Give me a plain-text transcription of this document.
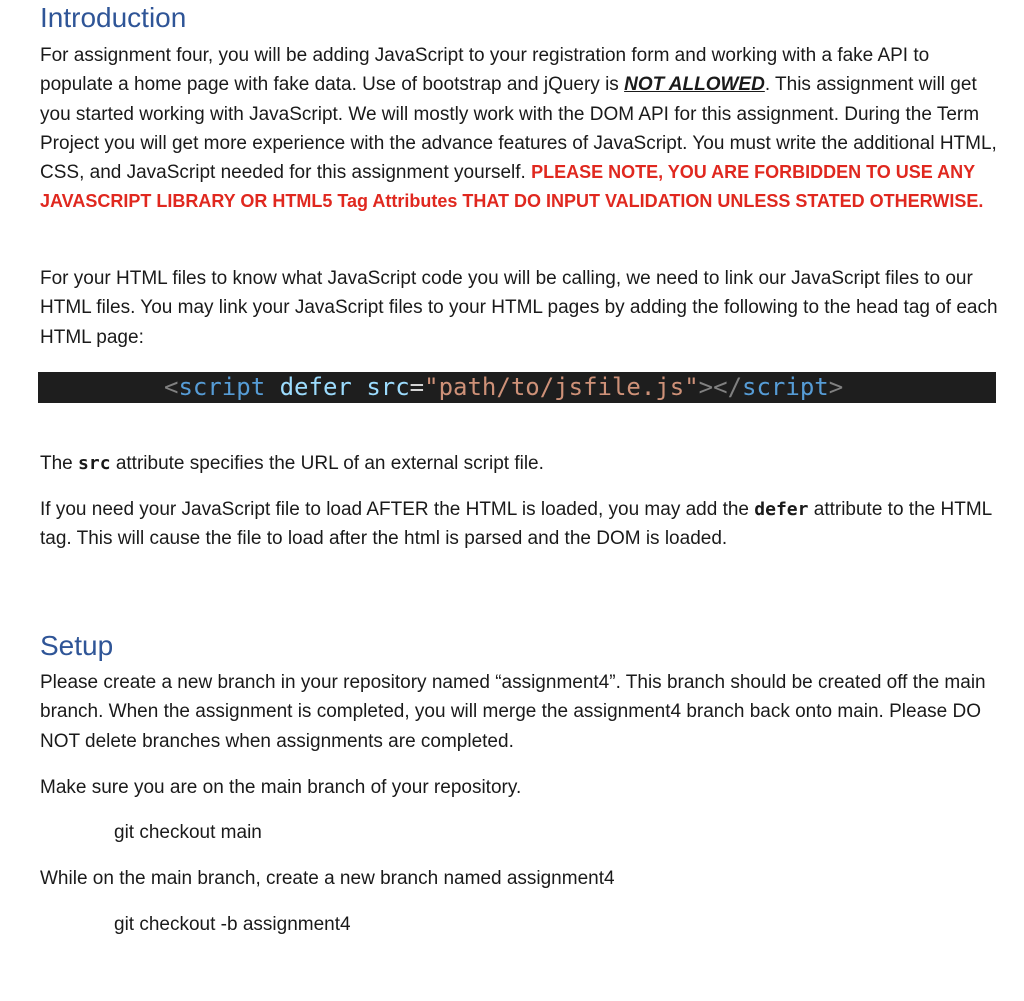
Introduction

For assignment four, you will be adding JavaScript to your registration form and working with a fake API to populate a home page with fake data. Use of bootstrap and jQuery is NOT ALLOWED. This assignment will get you started working with JavaScript. We will mostly work with the DOM API for this assignment. During the Term Project you will get more experience with the advance features of JavaScript. You must write the additional HTML, CSS, and JavaScript needed for this assignment yourself. PLEASE NOTE, YOU ARE FORBIDDEN TO USE ANY JAVASCRIPT LIBRARY OR HTML5 Tag Attributes THAT DO INPUT VALIDATION UNLESS STATED OTHERWISE.

For your HTML files to know what JavaScript code you will be calling, we need to link our JavaScript files to our HTML files. You may link your JavaScript files to your HTML pages by adding the following to the head tag of each HTML page:

<script defer src="path/to/jsfile.js"></script>

The src attribute specifies the URL of an external script file.

If you need your JavaScript file to load AFTER the HTML is loaded, you may add the defer attribute to the HTML tag. This will cause the file to load after the html is parsed and the DOM is loaded.

Setup

Please create a new branch in your repository named “assignment4”. This branch should be created off the main branch. When the assignment is completed, you will merge the assignment4 branch back onto main. Please DO NOT delete branches when assignments are completed.

Make sure you are on the main branch of your repository.

git checkout main

While on the main branch, create a new branch named assignment4

git checkout -b assignment4
